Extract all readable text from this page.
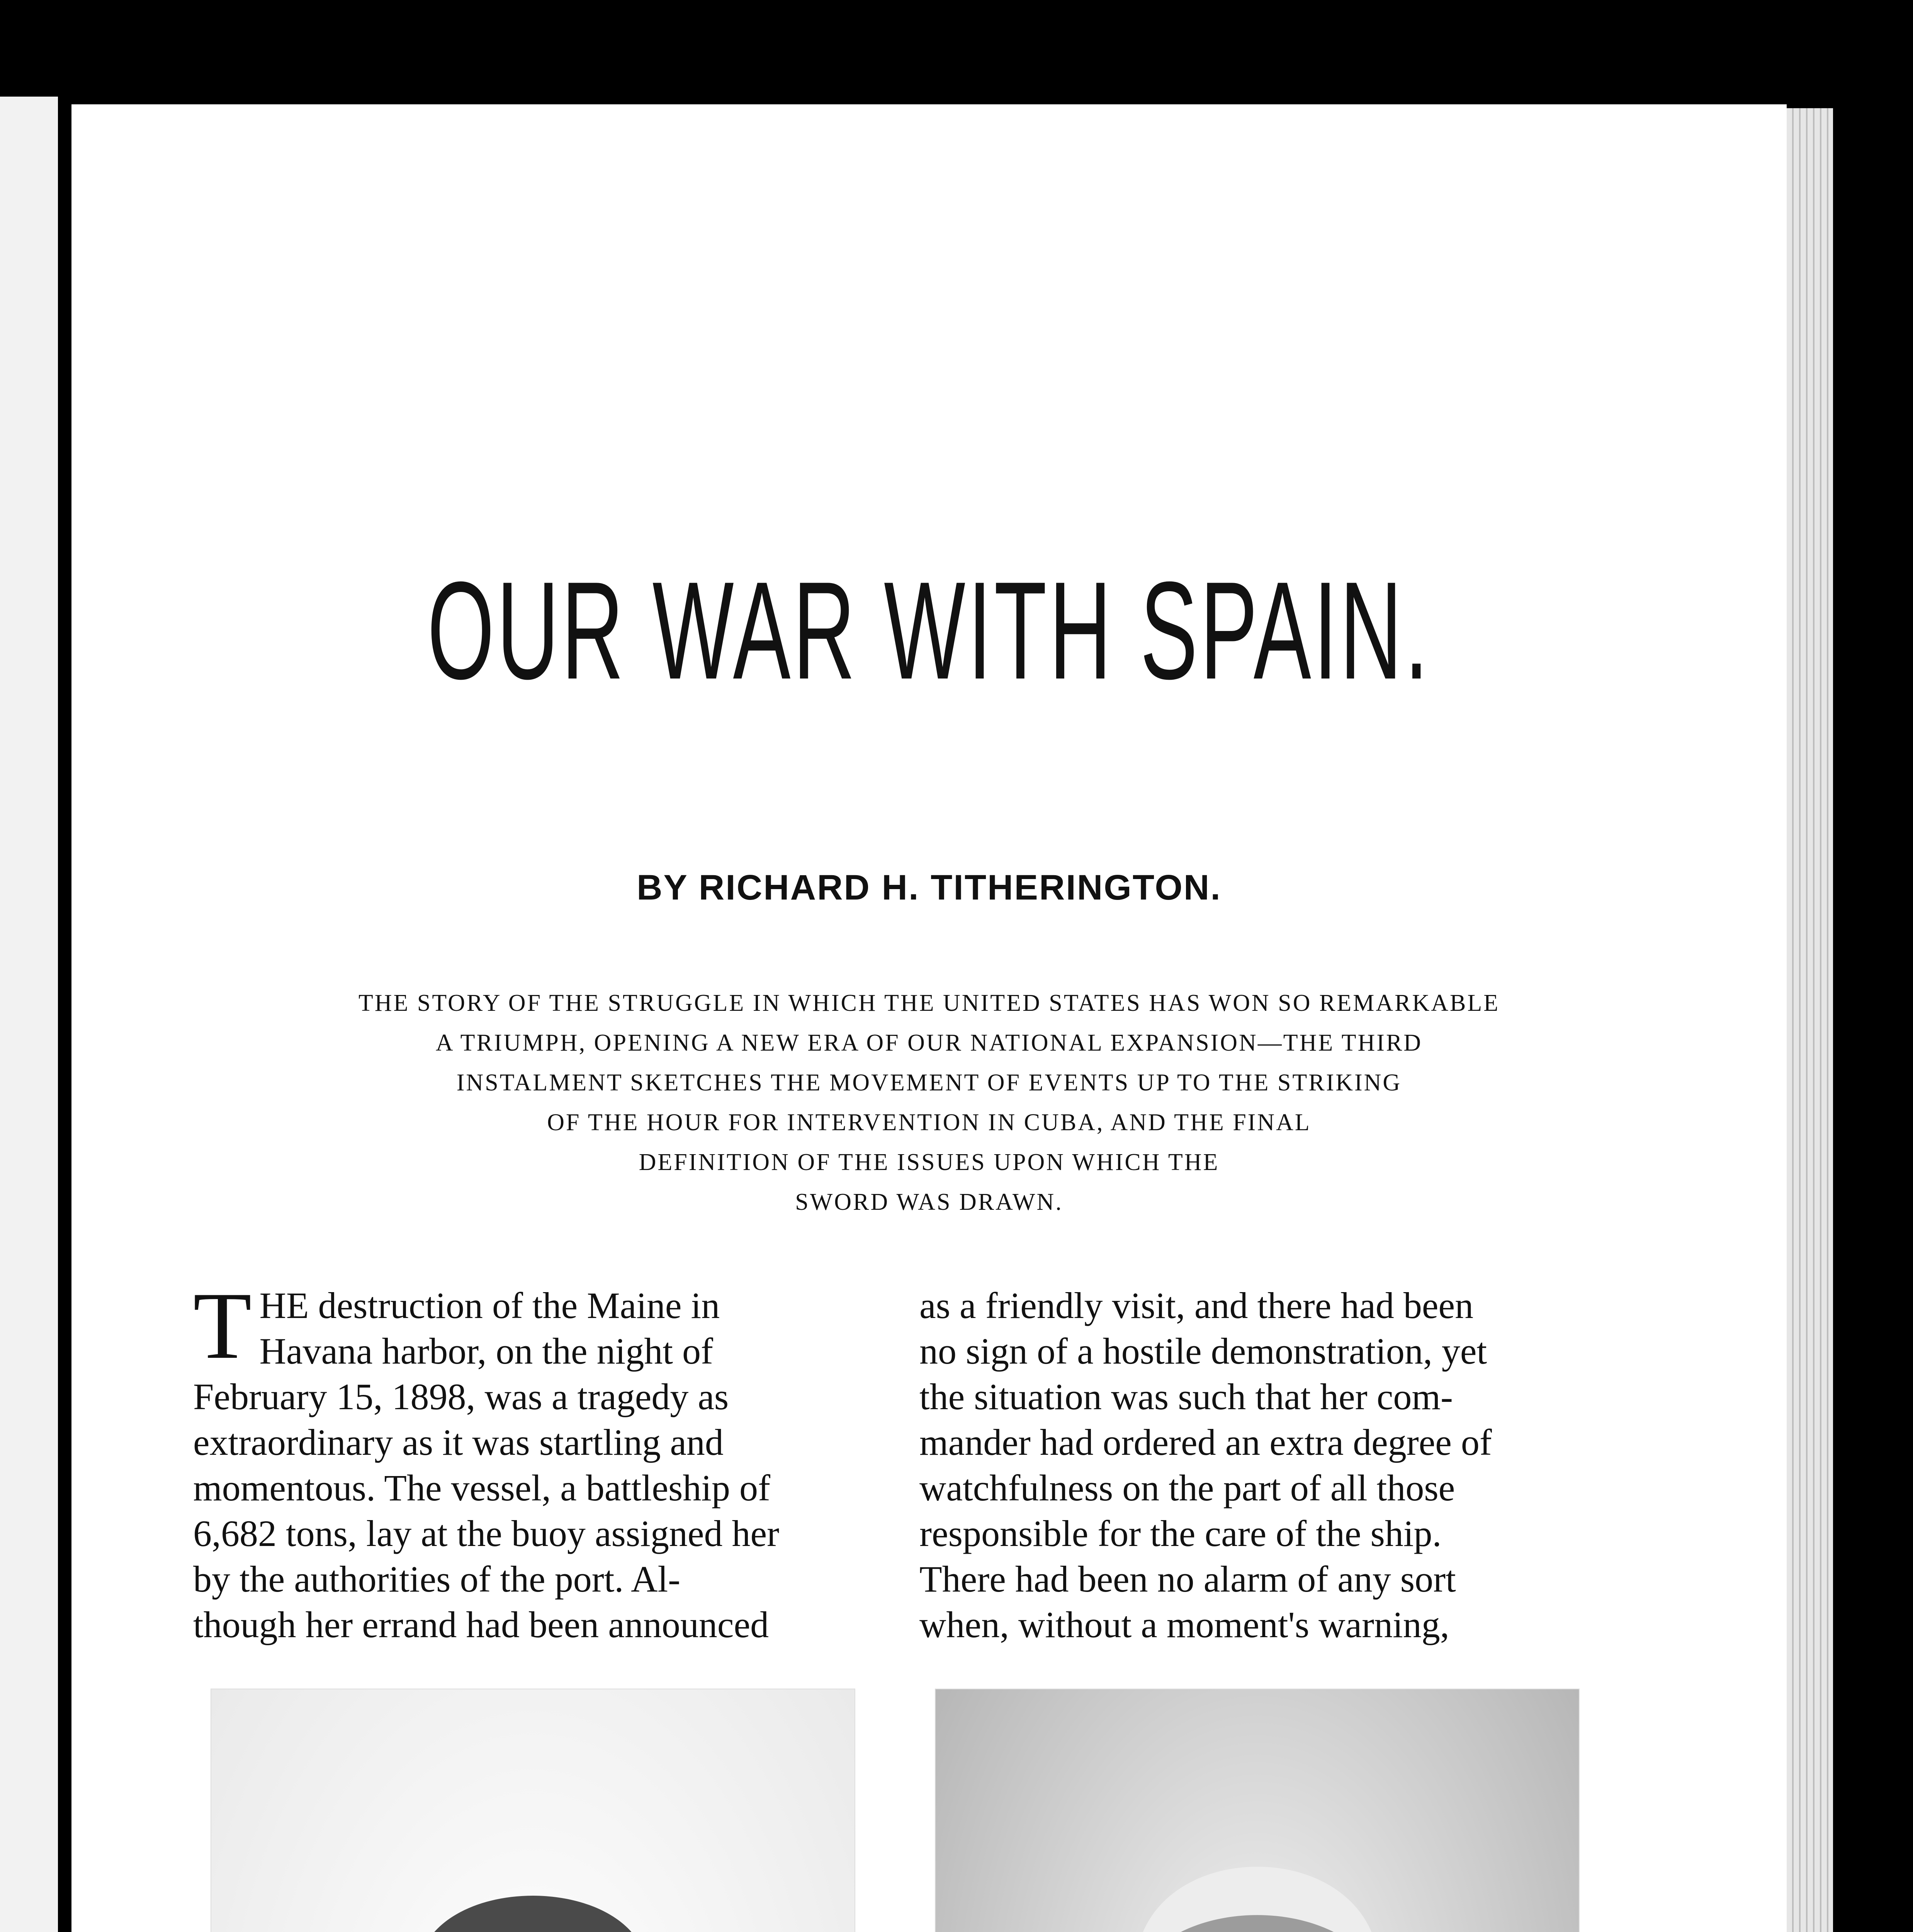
OUR WAR WITH SPAIN.
BY RICHARD H. TITHERINGTON.
THE STORY OF THE STRUGGLE IN WHICH THE UNITED STATES HAS WON SO REMARKABLE
A TRIUMPH, OPENING A NEW ERA OF OUR NATIONAL EXPANSION—THE THIRD
INSTALMENT SKETCHES THE MOVEMENT OF EVENTS UP TO THE STRIKING
OF THE HOUR FOR INTERVENTION IN CUBA, AND THE FINAL
DEFINITION OF THE ISSUES UPON WHICH THE
SWORD WAS DRAWN.
T HE destruction of the Maine in
Havana harbor, on the night of
February 15, 1898, was a tragedy as
extraordinary as it was startling and
momentous. The vessel, a battleship of
6,682 tons, lay at the buoy assigned her
by the authorities of the port. Al-
though her errand had been announced
as a friendly visit, and there had been
no sign of a hostile demonstration, yet
the situation was such that her com-
mander had ordered an extra degree of
watchfulness on the part of all those
responsible for the care of the ship.
There had been no alarm of any sort
when, without a moment's warning,
